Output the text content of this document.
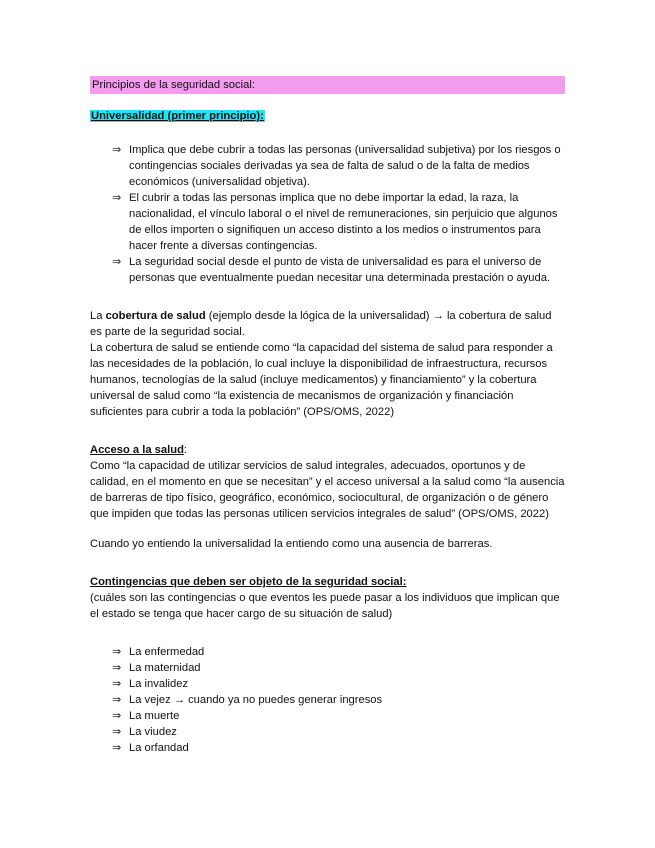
Principios de la seguridad social:

Universalidad (primer principio):

⇒ Implica que debe cubrir a todas las personas (universalidad subjetiva) por los riesgos o contingencias sociales derivadas ya sea de falta de salud o de la falta de medios económicos (universalidad objetiva).
⇒ El cubrir a todas las personas implica que no debe importar la edad, la raza, la nacionalidad, el vínculo laboral o el nivel de remuneraciones, sin perjuicio que algunos de ellos importen o signifiquen un acceso distinto a los medios o instrumentos para hacer frente a diversas contingencias.
⇒ La seguridad social desde el punto de vista de universalidad es para el universo de personas que eventualmente puedan necesitar una determinada prestación o ayuda.

La cobertura de salud (ejemplo desde la lógica de la universalidad) → la cobertura de salud es parte de la seguridad social.

La cobertura de salud se entiende como “la capacidad del sistema de salud para responder a las necesidades de la población, lo cual incluye la disponibilidad de infraestructura, recursos humanos, tecnologías de la salud (incluye medicamentos) y financiamiento” y la cobertura universal de salud como “la existencia de mecanismos de organización y financiación suficientes para cubrir a toda la población” (OPS/OMS, 2022)

Acceso a la salud:

Como “la capacidad de utilizar servicios de salud integrales, adecuados, oportunos y de calidad, en el momento en que se necesitan” y el acceso universal a la salud como “la ausencia de barreras de tipo físico, geográfico, económico, sociocultural, de organización o de género que impiden que todas las personas utilicen servicios integrales de salud” (OPS/OMS, 2022)

Cuando yo entiendo la universalidad la entiendo como una ausencia de barreras.

Contingencias que deben ser objeto de la seguridad social:

(cuáles son las contingencias o que eventos les puede pasar a los individuos que implican que el estado se tenga que hacer cargo de su situación de salud)

⇒ La enfermedad
⇒ La maternidad
⇒ La invalidez
⇒ La vejez → cuando ya no puedes generar ingresos
⇒ La muerte
⇒ La viudez
⇒ La orfandad
